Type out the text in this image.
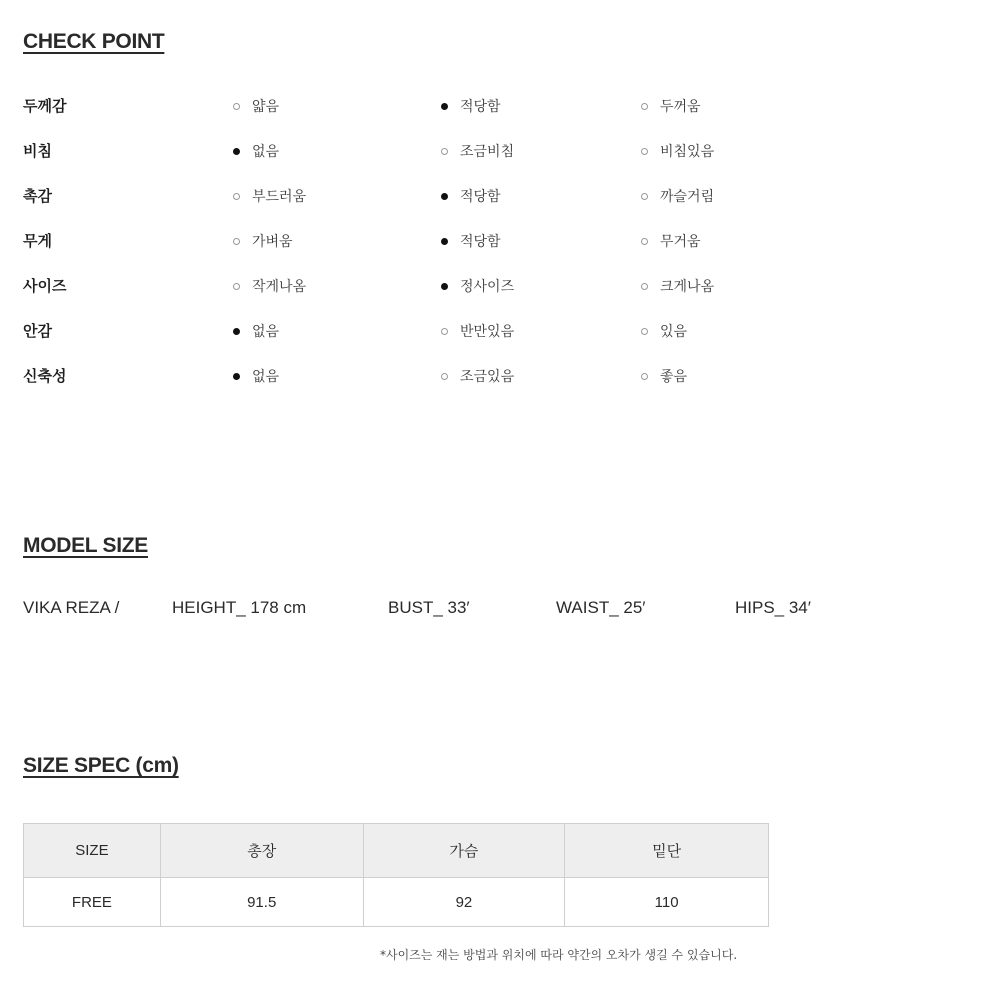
CHECK POINT
두께감	얇음	적당함	두꺼움
비침	없음	조금비침	비침있음
촉감	부드러움	적당함	까슬거림
무게	가벼움	적당함	무거움
사이즈	작게나옴	정사이즈	크게나옴
안감	없음	반만있음	있음
신축성	없음	조금있음	좋음
MODEL SIZE
VIKA REZA /	HEIGHT_ 178 cm	BUST_ 33′	WAIST_ 25′	HIPS_ 34′
SIZE SPEC (cm)
SIZE	총장	가슴	밑단
FREE	91.5	92	110
*사이즈는 재는 방법과 위치에 따라 약간의 오차가 생길 수 있습니다.
